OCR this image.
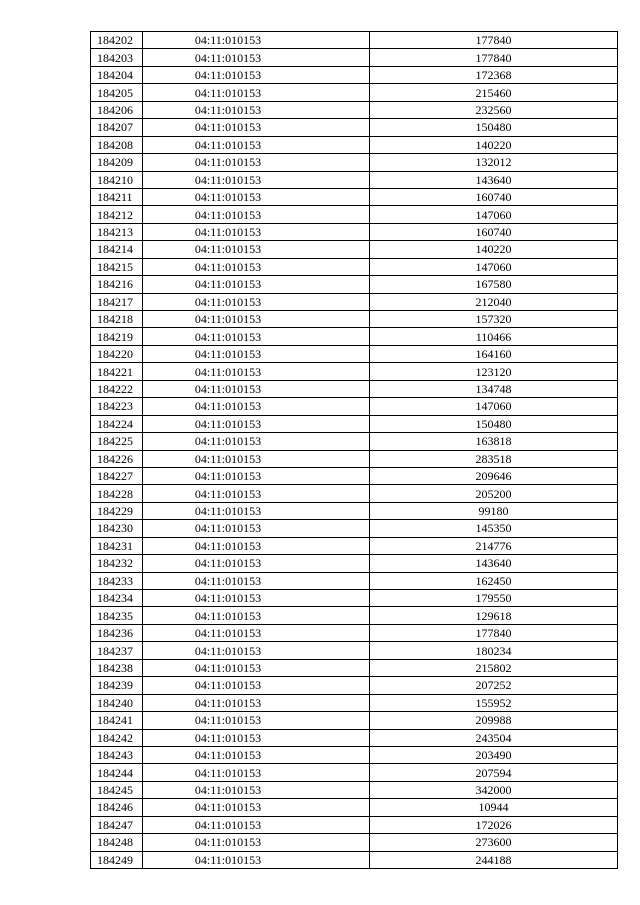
184202	04:11:010153	177840
184203	04:11:010153	177840
184204	04:11:010153	172368
184205	04:11:010153	215460
184206	04:11:010153	232560
184207	04:11:010153	150480
184208	04:11:010153	140220
184209	04:11:010153	132012
184210	04:11:010153	143640
184211	04:11:010153	160740
184212	04:11:010153	147060
184213	04:11:010153	160740
184214	04:11:010153	140220
184215	04:11:010153	147060
184216	04:11:010153	167580
184217	04:11:010153	212040
184218	04:11:010153	157320
184219	04:11:010153	110466
184220	04:11:010153	164160
184221	04:11:010153	123120
184222	04:11:010153	134748
184223	04:11:010153	147060
184224	04:11:010153	150480
184225	04:11:010153	163818
184226	04:11:010153	283518
184227	04:11:010153	209646
184228	04:11:010153	205200
184229	04:11:010153	99180
184230	04:11:010153	145350
184231	04:11:010153	214776
184232	04:11:010153	143640
184233	04:11:010153	162450
184234	04:11:010153	179550
184235	04:11:010153	129618
184236	04:11:010153	177840
184237	04:11:010153	180234
184238	04:11:010153	215802
184239	04:11:010153	207252
184240	04:11:010153	155952
184241	04:11:010153	209988
184242	04:11:010153	243504
184243	04:11:010153	203490
184244	04:11:010153	207594
184245	04:11:010153	342000
184246	04:11:010153	10944
184247	04:11:010153	172026
184248	04:11:010153	273600
184249	04:11:010153	244188
